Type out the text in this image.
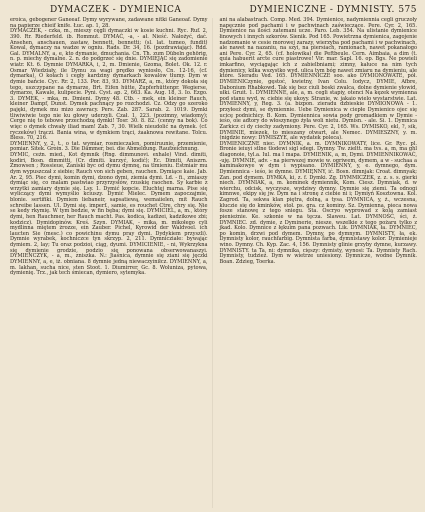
DYMACZEK - DYMIENICA	DYMIENICZNE - DYMNISTY. 575

eroica, gebogener Ganeeaf. Dymy wyrywane, zadawane nitki Ganeoaf. Dymy na papierze chieif knife. Łuc. ap. 1, 28.

DYMACZEK, - czka, m., mieszy cęgli dymaczki w kosie kuchni. Ryc. Ruf. 2, 390. Rr. Riederfeld. ib. Rommut. DYMAĆ, -a, - ał. Nieść. Nałożyć, dać. Ansehen, anschauen, zastaw, bennett, bennetti; (sl. lat. tumeo, fundit) Kowal, dymaczy na wadze w ogniu. Rads. Dr. 34, 16. (pozdrawiając). Rdd. Gal. DYMALNY, a, e, kto dymanie, dmuchania. Cn. Th. zum Dübeln gehörig, n. p. miechy dymalne. 2. n. do podgrzeć się dnie. DYMIEJĄC się zadomienie wiatr. Kt. 6. Dymnie DYMARKA, i, 2, m. Dmienie, Gzoma, Bolet. Ok. 12. r. Osmar Wiedziały, ile Dymu za wagi prędko wyniosło. Cn. 12-16, (cf. dymarka), O kołach i cegły kardziny dymarkach kowalów tłumy. Dym w dymie bańcie. Cyc. Rr. 2, 133. Por. 83, 93. DYMARZ, a, m., który dokoła się tego, uszczypane na dymarze, Brt. Eifen hütte, Zupferhüttenpr. Wegierse, dymarze, Kawale, kulipecie. Pyni. Cyst. ap. 2, 663. Ka. Aug. 18, 3. Io. Ezgo. 3. DYMEK, - mka, m. Dmieni. Dymy 48. Ctb. - mek, ein kleiner Rauch, kleiner Dampf, Dunst. Dymek pachnący po rozchodzi. Cz. Odzy go szeroko pajęki, dymek mu mizo zawracy. Pers. Zab. 287. Sarab. 2. 1019. Dymki tliwiwiwie tego nie ku głowy uderzyli. Czał. 1, 223. (pozimny, wiadomy); Cerge nię to tebowe przechodzą dymki! Tosr. 30. 8. 82. (cenny na bok). Co więc o dymek chwały iliad mam! Zab. 7, 30. Wielk nieudolić na dymek. (cf. ryczeków) trączi. Bania wina, w dymkiem trąci, żaaknowa rewitane. Tolcu. Bless. 70, 216.

DYMIENNY, y, 2, t., o tat. wymiar, rosmieczalen, pomiruunie, przemienie, pomiar. Sitek. Groin. 3. Die Dämmer, bei. die Abmeldung. Raufzeichnung.

DYMIC, ceżn. mied., Kot dymnik (Rng. dimmunovi. exhale) Vind. dimiti, kodiri, Bosn. dimmitti, (Cr. dimiti. kurzyć, kodić); Ec. Dimiti, Aniszrn. Zmowsen ; Rossieue, Zaniski byc od dymu dymnę, na tlmieniu. Estmiair mu dym wypuszczał z siebie; Rauch von sich geben, rauchen. Dymiące kaie. Jab. Ar. 2, 95. Piec dymi, komin dymi, dzono dymi, ziemia dymi. Ld. - fi., zmiaszy dymiąc się, co malam pastwiao przyrzysłów, rzuskię raochen. Sy karbie z wrzytki zamiary dymie się. Lsy. 1. Dymić kopcie. Eluchtęj marna. Pise się wyliczący dymi wymyślio kciuszy. Dymić Mielec. Dymem zapoczajmie, blonie. sertifiki. Dymiem liebaneir, sapsatiewą, wemaiielen, mit Rauch schreibe lassen. Ul. Dymi się. imperf., samie, es rouchet Ctre, chry się. Nie se kedy rkymię. W tym bedzie, w fin bęba; dymi się. DYMICIEL, a, m., który dymi, hen Rauchmer, her Rauch macht. Pas. kodica, kadizei, kadzikowe zbi; kodzicz). Dymidopinów. Kreś. Szyn. DYMIAK, - mika, m. mikołego cyli mydlinna miętem żrozze, ein Zauber. Pichel, Kyrowid der Waldvoel. ich laucten Sie (mesc.) co powichinu dymu pray dymi. Dydykiem przyszli). Dymnie wyrabek, kochniczce tyn skrzyp. 2, 211. Dymnicziałe: bywając dymiem. 2, lay; Tu oraz podzioi, ciąg, dyumi. DYMICIENIE, - ni, Wykrzykna się dymienie grodzie, podzio się ponowana obserwowanaszyi. DYMIENCZYK, - a, m., zniszka. N.: Jiaśnica, dymnie się ziani się jęczki DYMIENNY, a, e, iż. obniana. 8 dymnie jedną niewaczyiniłcz. DYMIENNY, a, m. lakhan, sucha nice, sten Stoot. 1. Diumirrer, Gc. 8. Woluniza, pytowa, dymienię. Trz., jak tech śmiecan, dymiero, sytemyka.

ani na alabastrach. Comp. Med. 394. Dymienice, nadymiennia cegli gruczoły napęcznie pod pachami i w pachwinach zaświeczące. Pere. Cyr. 2, 165. Dymienice na ilości zatemani ucze. Paro. Leb. 354. Na ulistanie dymienice łinowych i innych szkorów. Sienik. Pod 165. Powietrzna dymienica, zagojenie nadzomanie w cesie morowej zarazy, wierzyba pod pachami i w pachwinach, ale nawet na nazaniu, na szyi, na piersiach, ramionach, nawet pokanałogo ani Pere. Cyr. 2, 65. (cf. holowika) die Peftbeule. Cern. Aimbaia, a dim (t. quia habuerit arcte cure piastrowe! Vir. mar. Sapl. 16. op. Bgs. Ne powieli imkarfino, wyciągając ich z zabielbniami; zimny, kałuce na nim tych dymienicy, kilka wszystko wyd. ulica tym bóg nawet zmiaru na dymieniu, ale które. Sieradu Ved. 165. DYMIENNICZE soo. ako DYMIONOWATE, pół. DYMIENICzynie, gęstoć, kwietny, Ivan Colu. Iodycz, DYMIE, Afbre, Dabonium Rhabkowd. Tak się bez ciuli boski zwalca, dolne dymienie yłowid, ułki. Gruit. 1. DYMIENNE, ale, a, m. cegli stapiy, otenci Na kęzek wymienna pod stanu wyd, w. ciebie się ukoyy. Stranie, w. jakaio wielo wystarstwie. Lat. DYMIENNY, y, Reg. 3. (a. bizpon. zieradu dzbieskie DYMIONOWA - 1. przyłeeż dymi, se dymiennie. Uebe Dymienica w ciepłe Dymienico ojec się ucicę podnichicy. B. Kom. Dymiennica sowia pody gromadkiem w Dymie - ieśo, oie adtory do włoszynego żyła woli nietu. Dymisn. - ale. Si. 1. Dymnica Zarkicz ci dy ciechy zadymiony. Pere. Cyr. 2, 165. Ws. DYMISKO, ekl, ?, sik, DYMINIE, miezek, to mieszany otwart, ale Nemec. DYMIESZNY, y. m. (nigdzie nowy: DYMISZYE, ale wydatek poleca).

DYMIENICZNE niec. DYMNIK, a. m. DYMNIKOWATY, lice. Gr. Ryc. pl. Bronie ieiuyi stlne tlodewi sigl sdegi. Dymny. Tw. zieltt. ma tvs. a, m, ma ghl diagonoie, tyl.a. Iul. ma l mapa. DYMIENIK, a, m, Dymi. DYMIENNIKOWAĆ, -uję. DYMNIE, adv. - na pierwszej mowie w. ogriwem, dymem, a w - suchaa a kaminakowye w dym i wypisano. DYMIENNY, y, e. dymnego, dym. Dymiennica - ieśo, ie dymne. DYMIĘNNY, ić. Bosn. dimnjak: Croat. dimnyak; Zan. pod dymem. DYMKA, ki, z. f. Dymki. Zg. DYMMICZEK, z. z. s. s. gierki niech. DYMNIAK, a, m. kominek dymiennik, Kom. Ciesz. Dymniak, d. w wierchu, odcisk, wyczysze, wydziwy dymny. Dymnie się ziemi. Ta odnogi kimnwe, ekipy się jw. Dym na i stronę z ciebie ni i; Dymiyń Kosztowna. Kol. Zagrod. Ta, sekwa klan piętra, dolną, a tysa. DYMNICA, y, ż., wczesna, kluczie się do kminków, stoł. ps. gra. cz kominy. Sz. Dymienna, pieca nowa fosze stanowę z tego sniegu. Sta. Oscryo wyprowad z kolą zamiast pienieżnie. Ke. szkonie w na tęcza. Slaweu. Lat. DYMNOŚĆ, ści, ż. DYMNIEC. zd. dymie, z Dyminerie, niesze, wszelkie z tego pożaru tylko z jkad. Kolo. Dymnice z łękuim pana pozwach. Lik. DYMNIAK, ła. DYMNIEC, po komin, drzwi pod dymem. Dymny, po dymnym. DYMNISTY, ła, ek. Dymnisty kolor, rauchfarbig. Dymnista farba, dymnistawy kolor. Dymienieje wino. Dymny. Ch. Kyp. Zac. 4, 156. Dymnisty glinie grzyby dymne, kurzawy. DYMNISTY. ta Ta, ni: dymnika, cięszy: dymisty, wynosi: Ta. Dymnisty Rach. Dymnisty, tudzież. Dym w wietrze uniesiony. Dymnicze, wodne Dymnik. Boan. Zdzieg, Toerka.
